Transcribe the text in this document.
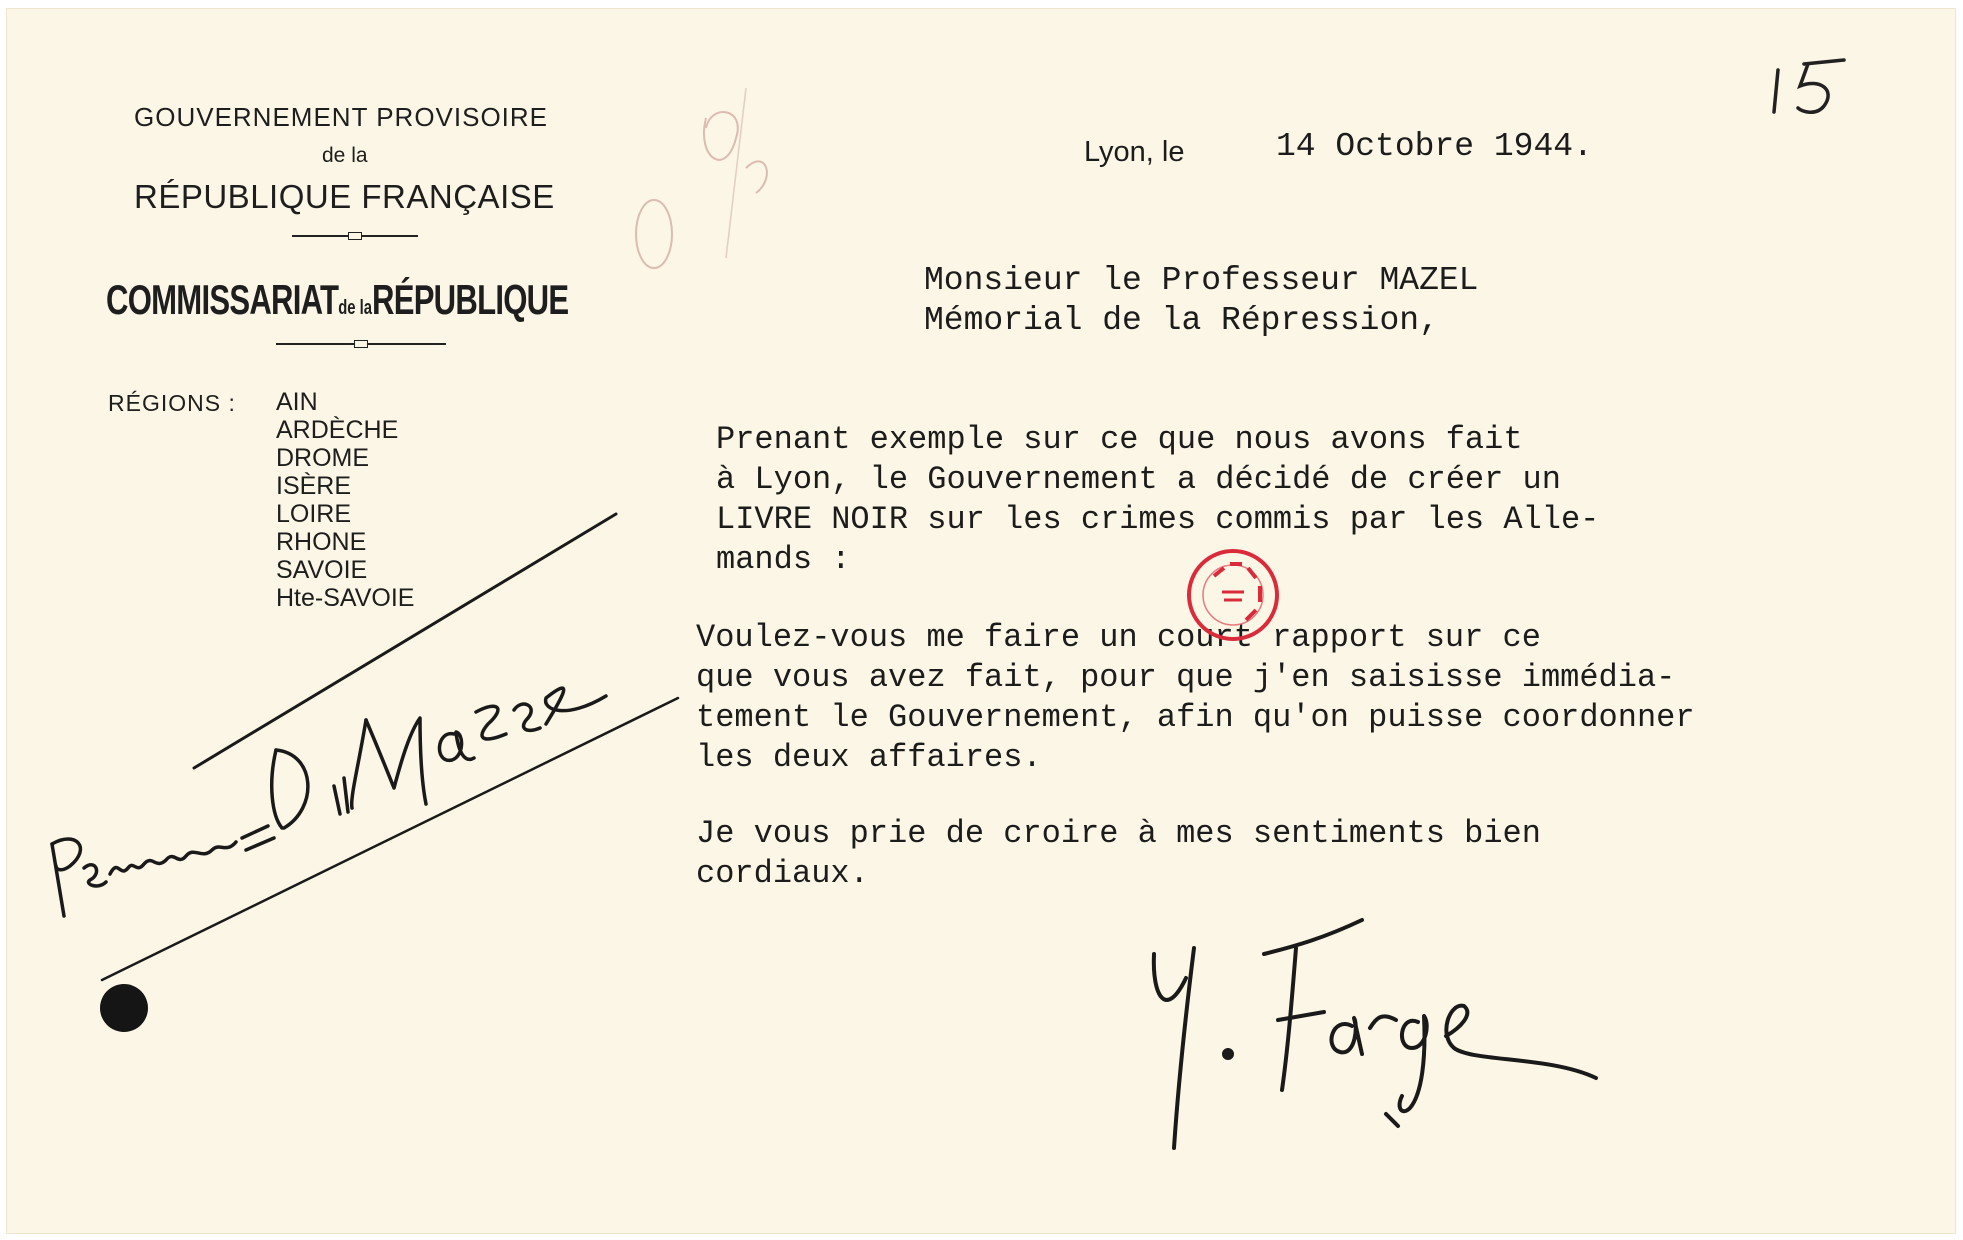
GOUVERNEMENT PROVISOIRE
de la
RÉPUBLIQUE FRANÇAISE
COMMISSARIATde laRÉPUBLIQUE
RÉGIONS : AIN
ARDÈCHE
DROME
ISÈRE
LOIRE
RHONE
SAVOIE
Hte-SAVOIE
Lyon, le	14 Octobre 1944.
Monsieur le Professeur MAZEL
Mémorial de la Répression,
Prenant exemple sur ce que nous avons fait
à Lyon, le Gouvernement a décidé de créer un
LIVRE NOIR sur les crimes commis par les Alle-
mands :
Voulez-vous me faire un court rapport sur ce
que vous avez fait, pour que j'en saisisse immédia-
tement le Gouvernement, afin qu'on puisse coordonner
les deux affaires.
Je vous prie de croire à mes sentiments bien
cordiaux.
